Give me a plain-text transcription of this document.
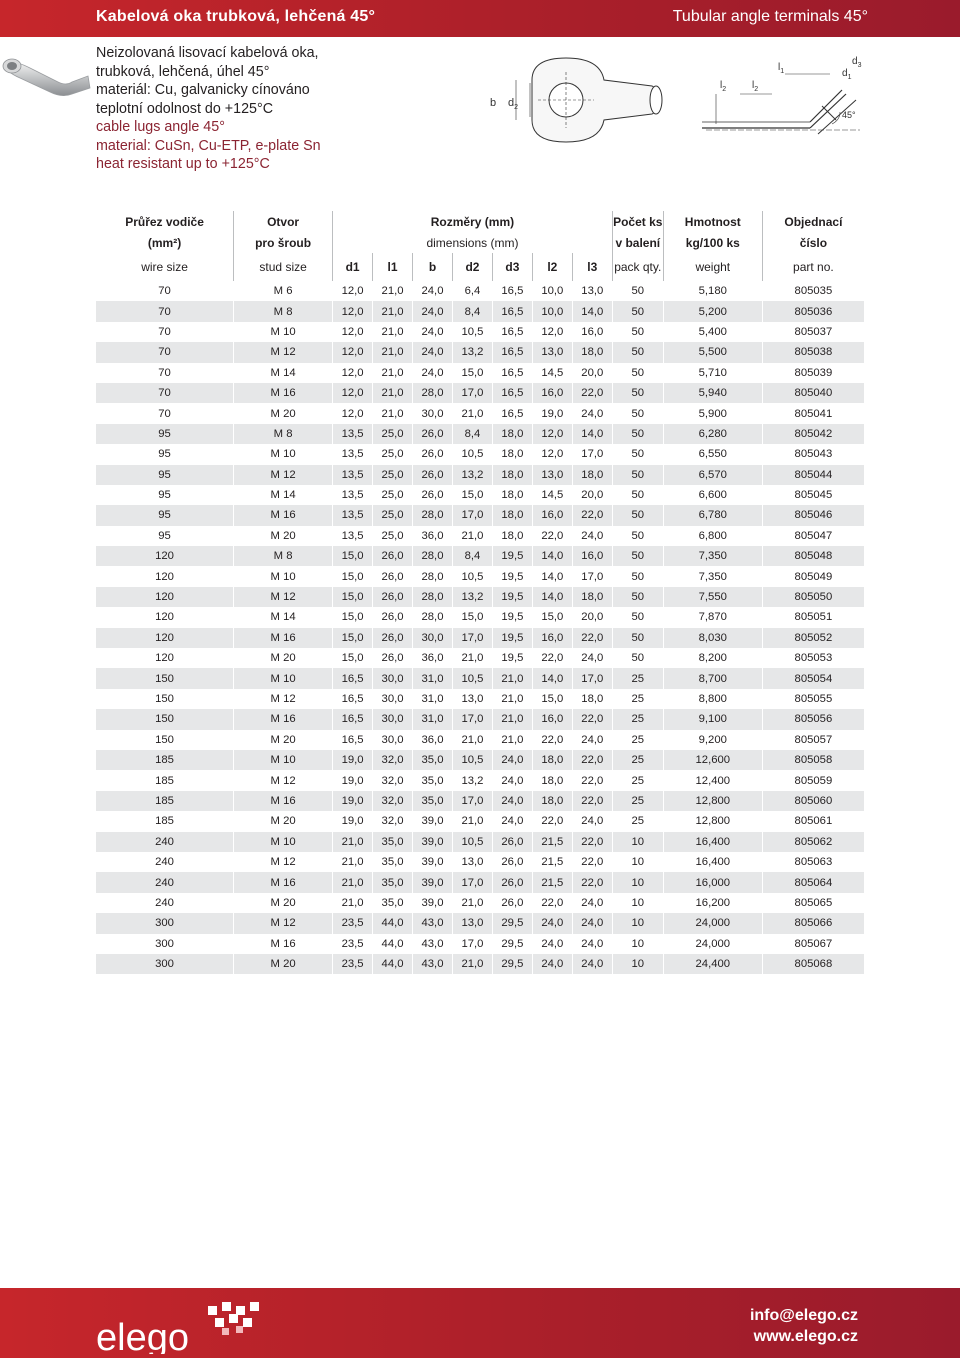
Kabelová oka trubková, lehčená 45°	Tubular angle terminals 45°
Neizolovaná lisovací kabelová oka,
trubková, lehčená, úhel 45°
materiál: Cu, galvanicky cínováno
teplotní odolnost do +125°C
cable lugs angle 45°
material: CuSn, Cu-ETP, e-plate Sn
heat resistant up to +125°C
b $d_2$
$l_2$	$l_2$
$l_1$
$d_3$
$d_1$
45°
Průřez vodiče	Otvor	Rozměry (mm)							Počet ks	Hmotnost	Objednací
(mm²)	pro šroub	dimensions (mm)							v balení	kg/100 ks	číslo
wire size	stud size	d1	l1	b	d2	d3	l2	l3	pack qty.	weight	part no.
70	M 6	12,0	21,0	24,0	6,4	16,5	10,0	13,0	50	5,180	805035
70	M 8	12,0	21,0	24,0	8,4	16,5	10,0	14,0	50	5,200	805036
70	M 10	12,0	21,0	24,0	10,5	16,5	12,0	16,0	50	5,400	805037
70	M 12	12,0	21,0	24,0	13,2	16,5	13,0	18,0	50	5,500	805038
70	M 14	12,0	21,0	24,0	15,0	16,5	14,5	20,0	50	5,710	805039
70	M 16	12,0	21,0	28,0	17,0	16,5	16,0	22,0	50	5,940	805040
70	M 20	12,0	21,0	30,0	21,0	16,5	19,0	24,0	50	5,900	805041
95	M 8	13,5	25,0	26,0	8,4	18,0	12,0	14,0	50	6,280	805042
95	M 10	13,5	25,0	26,0	10,5	18,0	12,0	17,0	50	6,550	805043
95	M 12	13,5	25,0	26,0	13,2	18,0	13,0	18,0	50	6,570	805044
95	M 14	13,5	25,0	26,0	15,0	18,0	14,5	20,0	50	6,600	805045
95	M 16	13,5	25,0	28,0	17,0	18,0	16,0	22,0	50	6,780	805046
95	M 20	13,5	25,0	36,0	21,0	18,0	22,0	24,0	50	6,800	805047
120	M 8	15,0	26,0	28,0	8,4	19,5	14,0	16,0	50	7,350	805048
120	M 10	15,0	26,0	28,0	10,5	19,5	14,0	17,0	50	7,350	805049
120	M 12	15,0	26,0	28,0	13,2	19,5	14,0	18,0	50	7,550	805050
120	M 14	15,0	26,0	28,0	15,0	19,5	15,0	20,0	50	7,870	805051
120	M 16	15,0	26,0	30,0	17,0	19,5	16,0	22,0	50	8,030	805052
120	M 20	15,0	26,0	36,0	21,0	19,5	22,0	24,0	50	8,200	805053
150	M 10	16,5	30,0	31,0	10,5	21,0	14,0	17,0	25	8,700	805054
150	M 12	16,5	30,0	31,0	13,0	21,0	15,0	18,0	25	8,800	805055
150	M 16	16,5	30,0	31,0	17,0	21,0	16,0	22,0	25	9,100	805056
150	M 20	16,5	30,0	36,0	21,0	21,0	22,0	24,0	25	9,200	805057
185	M 10	19,0	32,0	35,0	10,5	24,0	18,0	22,0	25	12,600	805058
185	M 12	19,0	32,0	35,0	13,2	24,0	18,0	22,0	25	12,400	805059
185	M 16	19,0	32,0	35,0	17,0	24,0	18,0	22,0	25	12,800	805060
185	M 20	19,0	32,0	39,0	21,0	24,0	22,0	24,0	25	12,800	805061
240	M 10	21,0	35,0	39,0	10,5	26,0	21,5	22,0	10	16,400	805062
240	M 12	21,0	35,0	39,0	13,0	26,0	21,5	22,0	10	16,400	805063
240	M 16	21,0	35,0	39,0	17,0	26,0	21,5	22,0	10	16,000	805064
240	M 20	21,0	35,0	39,0	21,0	26,0	22,0	24,0	10	16,200	805065
300	M 12	23,5	44,0	43,0	13,0	29,5	24,0	24,0	10	24,000	805066
300	M 16	23,5	44,0	43,0	17,0	29,5	24,0	24,0	10	24,000	805067
300	M 20	23,5	44,0	43,0	21,0	29,5	24,0	24,0	10	24,400	805068
elego
info@elego.cz
www.elego.cz
